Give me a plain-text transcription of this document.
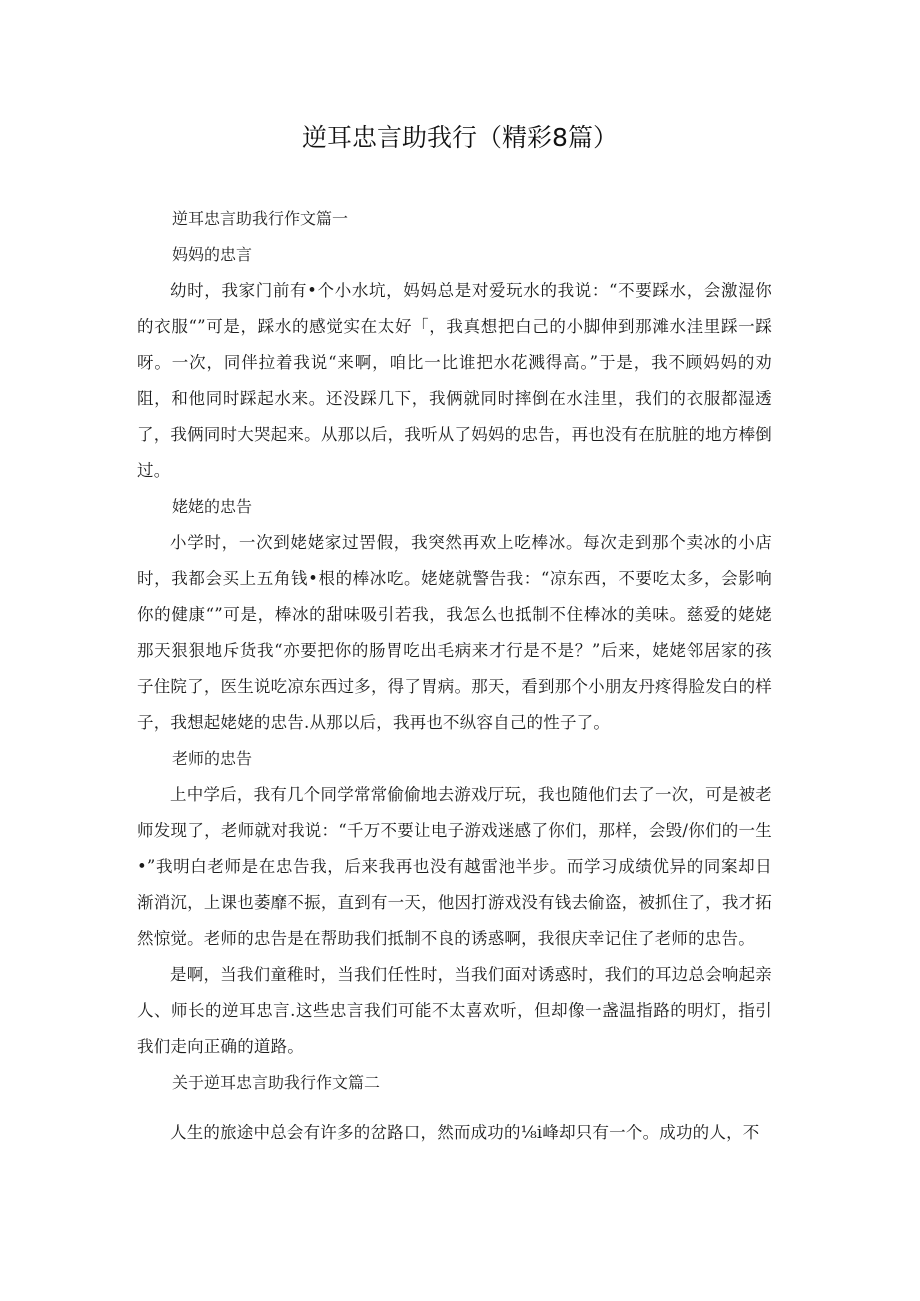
逆耳忠言助我行（精彩8篇）

逆耳忠言助我行作文篇一

妈妈的忠言

幼时，我家门前有•个小水坑，妈妈总是对爱玩水的我说：“不要踩水，会激湿你的衣服“”可是，踩水的感觉实在太好「，我真想把白己的小脚伸到那滩水洼里踩一踩呀。一次，同伴拉着我说“来啊，咱比一比谁把水花溅得高。”于是，我不顾妈妈的劝阻，和他同时踩起水来。还没踩几下，我俩就同时摔倒在水洼里，我们的衣服都湿透了，我俩同时大哭起来。从那以后，我听从了妈妈的忠告，再也没有在肮脏的地方棒倒过。

姥姥的忠告

小学时，一次到姥姥家过罟假，我突然再欢上吃棒冰。每次走到那个卖冰的小店时，我都会买上五角钱•根的棒冰吃。姥姥就警告我：“凉东西，不要吃太多，会影响你的健康“”可是，棒冰的甜味吸引若我，我怎么也抵制不住棒冰的美味。慈爱的姥姥那天狠狠地斥货我“亦要把你的肠胃吃出毛病来才行是不是？”后来，姥姥邻居家的孩子住院了，医生说吃凉东西过多，得了胃病。那天，看到那个小朋友丹疼得脸发白的样子，我想起姥姥的忠告.从那以后，我再也不纵容自己的性子了。

老师的忠告

上中学后，我有几个同学常常偷偷地去游戏厅玩，我也随他们去了一次，可是被老师发现了，老师就对我说：“千万不要让电子游戏迷感了你们，那样，会毁/你们的一生•”我明白老师是在忠告我，后来我再也没有越雷池半步。而学习成绩优异的同案却日渐消沉，上课也萎靡不振，直到有一天，他因打游戏没有钱去偷盗，被抓住了，我才拓然惊觉。老师的忠告是在帮助我们抵制不良的诱惑啊，我很庆幸记住了老师的忠告。

是啊，当我们童稚时，当我们任性时，当我们面对诱惑时，我们的耳边总会响起亲人、师长的逆耳忠言.这些忠言我们可能不太喜欢听，但却像一盏温指路的明灯，指引我们走向正确的道路。

关于逆耳忠言助我行作文篇二

人生的旅途中总会有许多的岔路口，然而成功的⅛i峰却只有一个。成功的人，不
